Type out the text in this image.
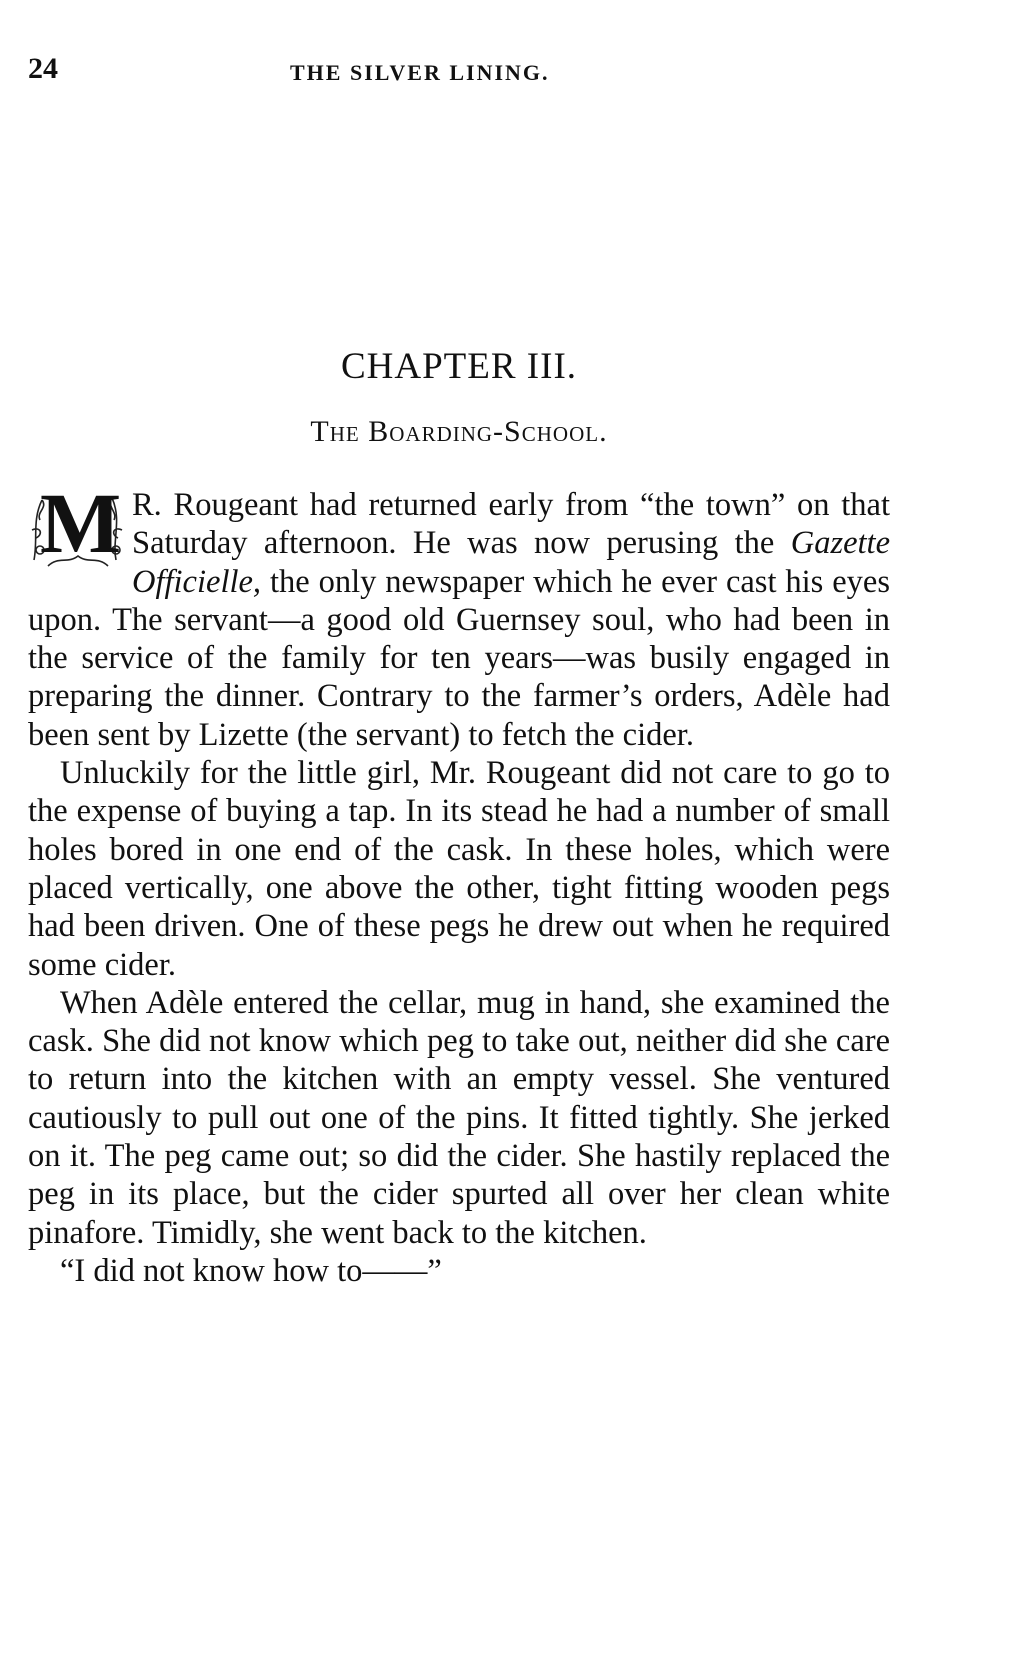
24	THE SILVER LINING.
CHAPTER III.
The Boarding-School.

M R. Rougeant had returned early from “the town” on that Saturday afternoon. He was now perusing the Gazette Officielle, the only newspaper which he ever cast his eyes upon. The servant—a good old Guernsey soul, who had been in the service of the family for ten years—was busily engaged in preparing the dinner. Contrary to the farmer’s orders, Adèle had been sent by Lizette (the servant) to fetch the cider.

Unluckily for the little girl, Mr. Rougeant did not care to go to the expense of buying a tap. In its stead he had a number of small holes bored in one end of the cask. In these holes, which were placed vertically, one above the other, tight fitting wooden pegs had been driven. One of these pegs he drew out when he required some cider.

When Adèle entered the cellar, mug in hand, she examined the cask. She did not know which peg to take out, neither did she care to return into the kitchen with an empty vessel. She ventured cautiously to pull out one of the pins. It fitted tightly. She jerked on it. The peg came out; so did the cider. She hastily replaced the peg in its place, but the cider spurted all over her clean white pinafore. Timidly, she went back to the kitchen.

“I did not know how to——”
